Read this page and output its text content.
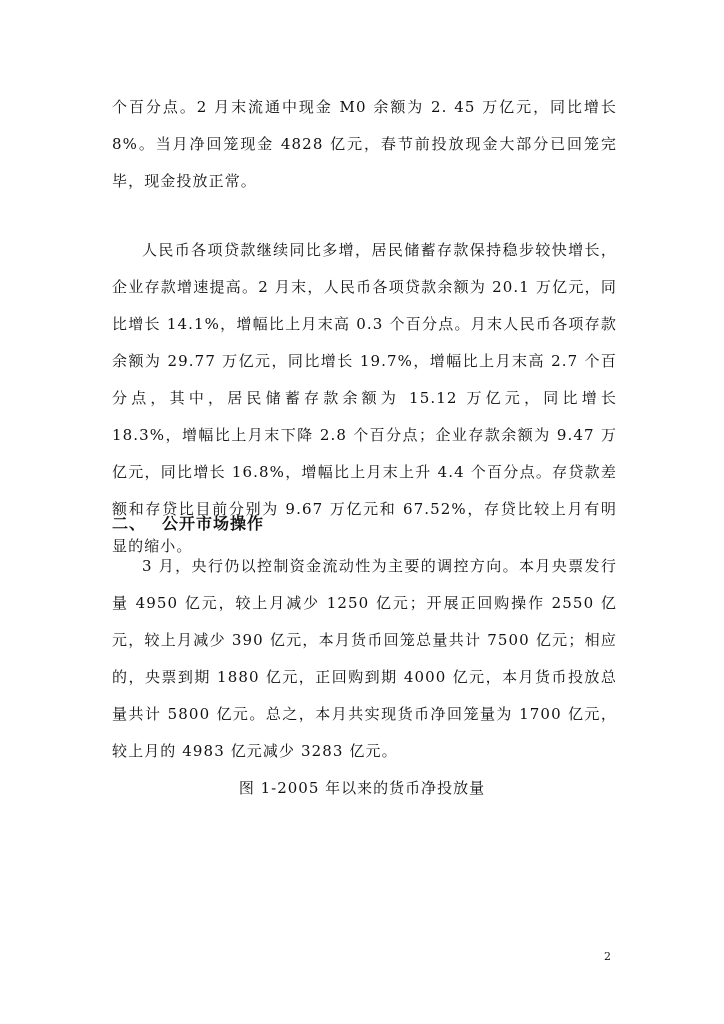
个百分点。2 月末流通中现金 M0 余额为 2. 45 万亿元，同比增长 8%。当月净回笼现金 4828 亿元，春节前投放现金大部分已回笼完毕，现金投放正常。

人民币各项贷款继续同比多增，居民储蓄存款保持稳步较快增长，企业存款增速提高。2 月末，人民币各项贷款余额为 20.1 万亿元，同比增长 14.1%，增幅比上月末高 0.3 个百分点。月末人民币各项存款余额为 29.77 万亿元，同比增长 19.7%，增幅比上月末高 2.7 个百分点，其中，居民储蓄存款余额为 15.12 万亿元，同比增长 18.3%，增幅比上月末下降 2.8 个百分点；企业存款余额为 9.47 万亿元，同比增长 16.8%，增幅比上月末上升 4.4 个百分点。存贷款差额和存贷比目前分别为 9.67 万亿元和 67.52%，存贷比较上月有明显的缩小。

二、 公开市场操作

3 月，央行仍以控制资金流动性为主要的调控方向。本月央票发行量 4950 亿元，较上月减少 1250 亿元；开展正回购操作 2550 亿元，较上月减少 390 亿元，本月货币回笼总量共计 7500 亿元；相应的，央票到期 1880 亿元，正回购到期 4000 亿元，本月货币投放总量共计 5800 亿元。总之，本月共实现货币净回笼量为 1700 亿元，较上月的 4983 亿元减少 3283 亿元。

图 1-2005 年以来的货币净投放量

2
